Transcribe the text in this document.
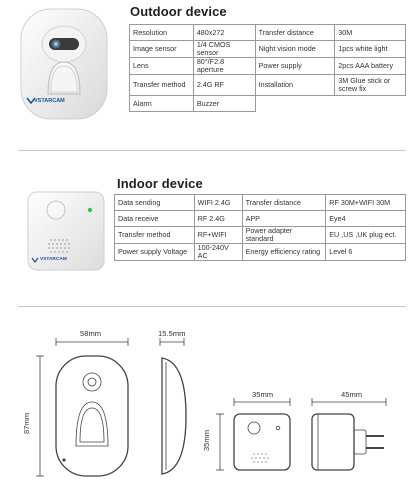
VSTARCAM
Outdoor device
Resolution	480x272	Transfer distance	30M
Image sensor	1/4 CMOS sensor	Night vision mode	1pcs white light
Lens	80°/F2.8 aperture	Power supply	2pcs AAA battery
Transfer method	2.4G RF	Installation	3M Glue stick or screw fix
Alarm	Buzzer		
Indoor device
VSTARCAM
Data sending	WIFI 2.4G	Transfer distance	RF 30M+WIFI 30M
Data receive	RF 2.4G	APP	Eye4
Transfer method	RF+WIFI	Power adapter standard	EU ,US ,UK plug ect.
Power supply Voltage	100-240V AC	Energy efficiency rating	Level 6
58mm	15.5mm
87mm
35mm
35mm
45mm
